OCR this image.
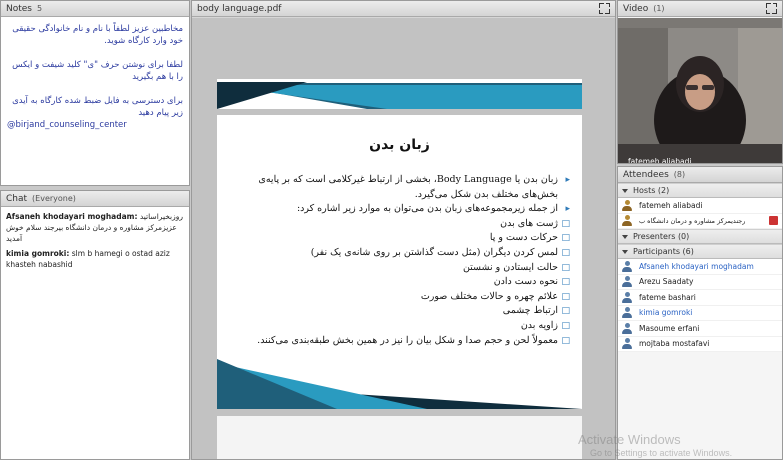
Notes 5

مخاطبین عزیز لطفاً با نام و نام خانوادگی حقیقی خود وارد کارگاه شوید.

لطفا برای نوشتن حرف "ی" کلید شیفت و ایکس را با هم بگیرید

برای دسترسی به فایل ضبط شده کارگاه به آیدی زیر پیام دهید

@birjand_counseling_center

Chat (Everyone)
Afsaneh khodayari moghadam: روزبخیراساتید عزیزمرکز مشاوره و درمان دانشگاه بیرجند سلام خوش آمدید
kimia gomroki: slm b hamegi o ostad aziz khasteh nabashid
body language.pdf
زبان بدن
▸ زبان بدن یا Body Language، بخشی از ارتباط غیرکلامی است که بر پایه‌ی بخش‌های مختلف بدن شکل می‌گیرد.
▸ از جمله زیرمجموعه‌های زبان بدن می‌توان به موارد زیر اشاره کرد:
□ ژست های بدن
□ حرکات دست و پا
□ لمس کردن دیگران (مثل دست گذاشتن بر روی شانه‌ی یک نفر)
□ حالت ایستادن و نشستن
□ نحوه دست دادن
□ علائم چهره و حالات مختلف صورت
□ ارتباط چشمی
□ زاویه بدن
□ معمولاً لحن و حجم صدا و شکل بیان را نیز در همین بخش طبقه‌بندی می‌کنند.
Video (1)
fatemeh aliabadi
Attendees (8)
Hosts (2)
fatemeh aliabadi
رجندیمرکز مشاوره و درمان دانشگاه ب
Presenters (0)
Participants (6)
Afsaneh khodayari moghadam
Arezu Saadaty
fateme bashari
kimia gomroki
Masoume erfani
mojtaba mostafavi
Activate Windows
Go to Settings to activate Windows.
